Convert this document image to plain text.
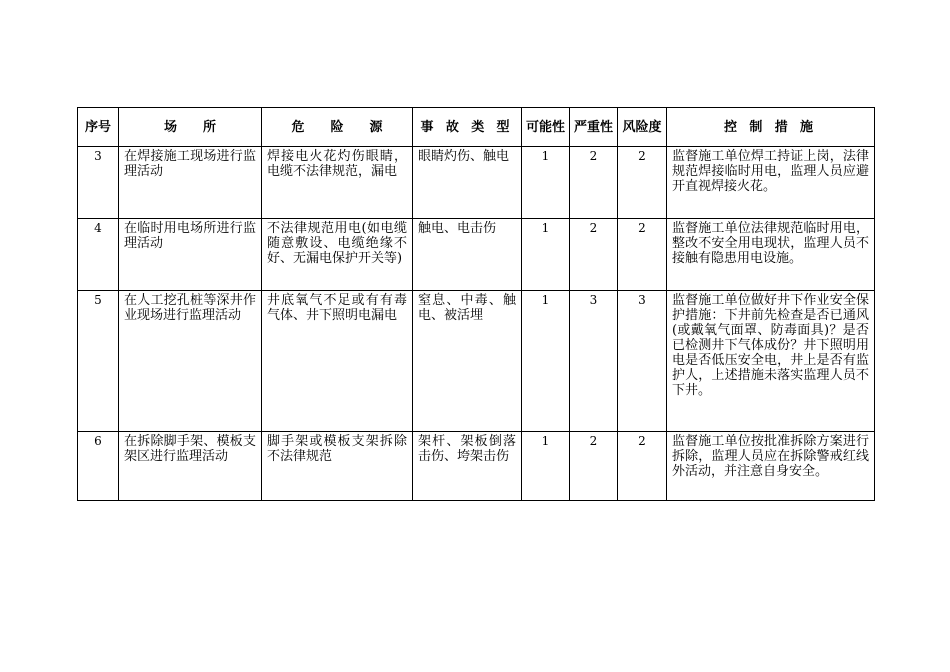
序号	场　　所	危　　险　　源	事 故 类 型	可能性	严重性	风险度	控 制 措 施
3	在焊接施工现场进行监理活动	焊接电火花灼伤眼睛，电缆不法律规范，漏电	眼睛灼伤、触电	1	2	2	监督施工单位焊工持证上岗，法律规范焊接临时用电，监理人员应避开直视焊接火花。
4	在临时用电场所进行监理活动	不法律规范用电(如电缆随意敷设、电缆绝缘不好、无漏电保护开关等)	触电、电击伤	1	2	2	监督施工单位法律规范临时用电，整改不安全用电现状，监理人员不接触有隐患用电设施。
5	在人工挖孔桩等深井作业现场进行监理活动	井底氧气不足或有有毒气体、井下照明电漏电	窒息、中毒、触电、被活埋	1	3	3	监督施工单位做好井下作业安全保护措施：下井前先检查是否已通风(或戴氧气面罩、防毒面具)？是否已检测井下气体成份？井下照明用电是否低压安全电，井上是否有监护人，上述措施未落实监理人员不下井。
6	在拆除脚手架、模板支架区进行监理活动	脚手架或模板支架拆除不法律规范	架杆、架板倒落击伤、垮架击伤	1	2	2	监督施工单位按批准拆除方案进行拆除，监理人员应在拆除警戒红线外活动，并注意自身安全。
